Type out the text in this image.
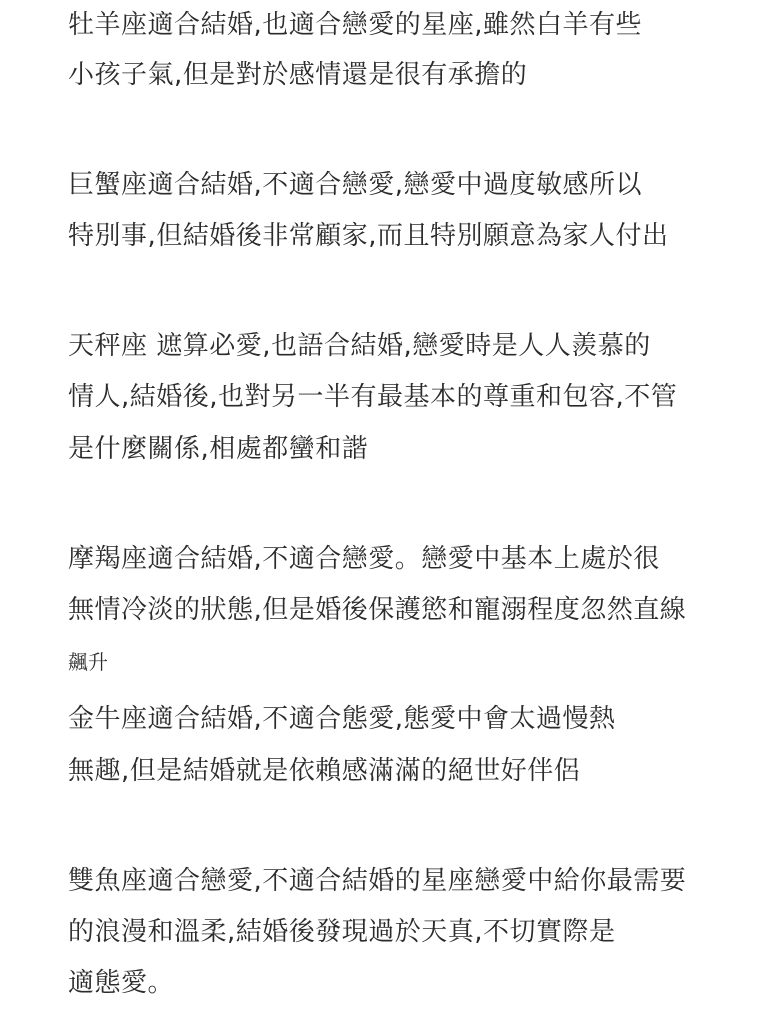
牡羊座適合結婚,也適合戀愛的星座,雖然白羊有些
小孩子氣,但是對於感情還是很有承擔的
巨蟹座適合結婚,不適合戀愛,戀愛中過度敏感所以
特別事,但結婚後非常顧家,而且特別願意為家人付出
天秤座 遮算必愛,也語合結婚,戀愛時是人人羨慕的
情人,結婚後,也對另一半有最基本的尊重和包容,不管
是什麼關係,相處都蠻和諧
摩羯座適合結婚,不適合戀愛。戀愛中基本上處於很
無情冷淡的狀態,但是婚後保護慾和寵溺程度忽然直線
飆升
金牛座適合結婚,不適合態愛,態愛中會太過慢熱
無趣,但是結婚就是依賴感滿滿的絕世好伴侶
雙魚座適合戀愛,不適合結婚的星座戀愛中給你最需要
的浪漫和溫柔,結婚後發現過於天真,不切實際是
適態愛。
